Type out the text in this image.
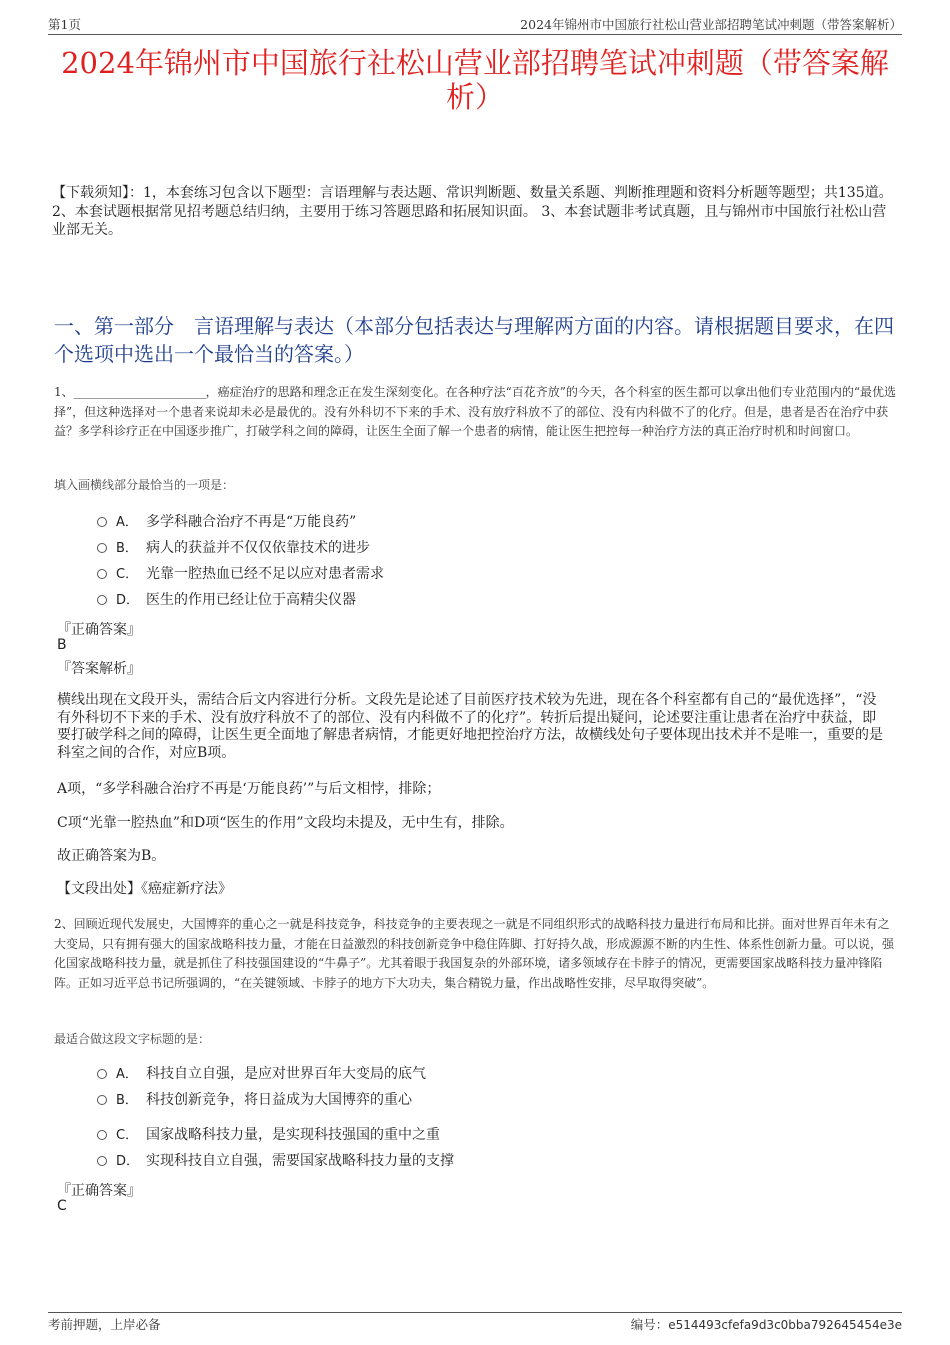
第1页	2024年锦州市中国旅行社松山营业部招聘笔试冲刺题（带答案解析）
2024年锦州市中国旅行社松山营业部招聘笔试冲刺题（带答案解析）
【下载须知】：1，本套练习包含以下题型：言语理解与表达题、常识判断题、数量关系题、判断推理题和资料分析题等题型；共135道。 2、本套试题根据常见招考题总结归纳，主要用于练习答题思路和拓展知识面。 3、本套试题非考试真题，且与锦州市中国旅行社松山营业部无关。
一、第一部分　言语理解与表达（本部分包括表达与理解两方面的内容。请根据题目要求，在四个选项中选出一个最恰当的答案。）
1、________________________，癌症治疗的思路和理念正在发生深刻变化。在各种疗法“百花齐放”的今天，各个科室的医生都可以拿出他们专业范围内的“最优选择”，但这种选择对一个患者来说却未必是最优的。没有外科切不下来的手术、没有放疗科放不了的部位、没有内科做不了的化疗。但是，患者是否在治疗中获益？多学科诊疗正在中国逐步推广，打破学科之间的障碍，让医生全面了解一个患者的病情，能让医生把控每一种治疗方法的真正治疗时机和时间窗口。
填入画横线部分最恰当的一项是：
A． 多学科融合治疗不再是“万能良药”
B． 病人的获益并不仅仅依靠技术的进步
C． 光靠一腔热血已经不足以应对患者需求
D． 医生的作用已经让位于高精尖仪器
『正确答案』
B
『答案解析』
横线出现在文段开头，需结合后文内容进行分析。文段先是论述了目前医疗技术较为先进，现在各个科室都有自己的“最优选择”，“没有外科切不下来的手术、没有放疗科放不了的部位、没有内科做不了的化疗”。转折后提出疑问，论述要注重让患者在治疗中获益，即要打破学科之间的障碍，让医生更全面地了解患者病情，才能更好地把控治疗方法，故横线处句子要体现出技术并不是唯一，重要的是科室之间的合作，对应B项。
A项，“多学科融合治疗不再是‘万能良药’”与后文相悖，排除；
C项“光靠一腔热血”和D项“医生的作用”文段均未提及，无中生有，排除。
故正确答案为B。
【文段出处】《癌症新疗法》
2、回顾近现代发展史，大国博弈的重心之一就是科技竞争，科技竞争的主要表现之一就是不同组织形式的战略科技力量进行布局和比拼。面对世界百年未有之大变局，只有拥有强大的国家战略科技力量，才能在日益激烈的科技创新竞争中稳住阵脚、打好持久战，形成源源不断的内生性、体系性创新力量。可以说，强化国家战略科技力量，就是抓住了科技强国建设的“牛鼻子”。尤其着眼于我国复杂的外部环境，诸多领域存在卡脖子的情况，更需要国家战略科技力量冲锋陷阵。正如习近平总书记所强调的，“在关键领域、卡脖子的地方下大功夫，集合精锐力量，作出战略性安排，尽早取得突破”。
最适合做这段文字标题的是：
A． 科技自立自强，是应对世界百年大变局的底气
B． 科技创新竞争，将日益成为大国博弈的重心
C． 国家战略科技力量，是实现科技强国的重中之重
D． 实现科技自立自强，需要国家战略科技力量的支撑
『正确答案』
C
考前押题，上岸必备	编号：e514493cfefa9d3c0bba792645454e3e
